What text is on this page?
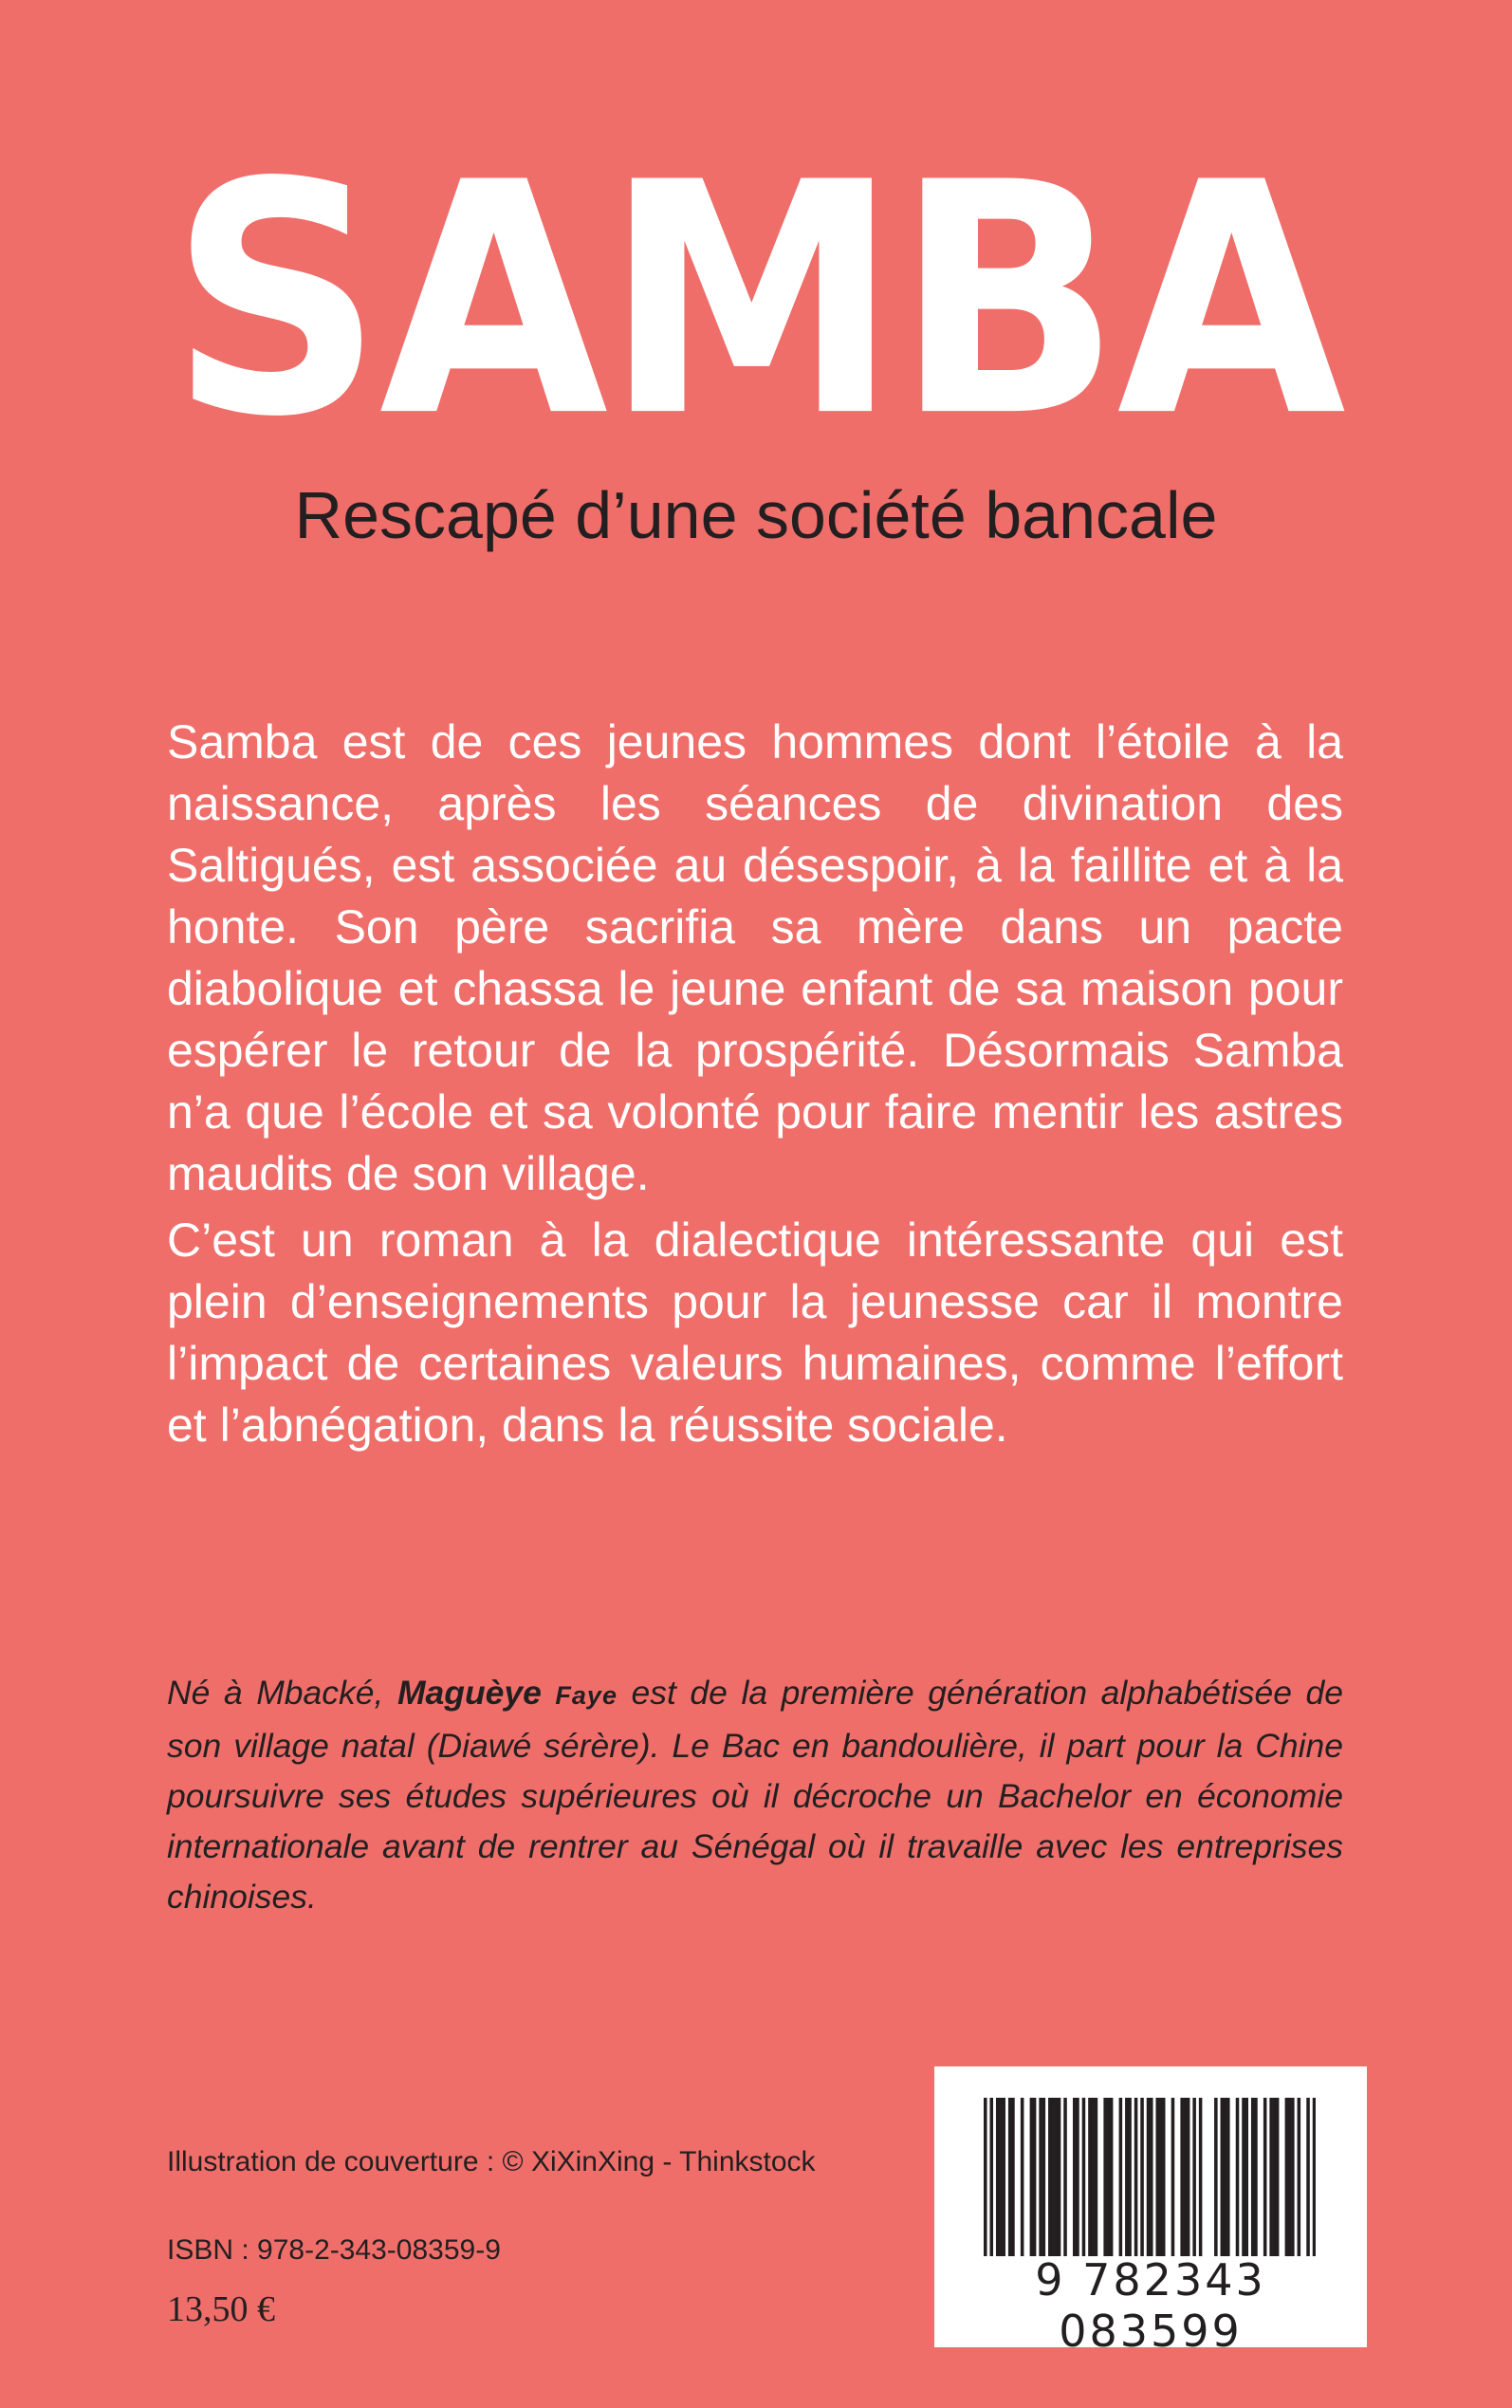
SAMBA
Rescapé d’une société bancale

Samba est de ces jeunes hommes dont l’étoile à la naissance, après les séances de divination des Saltigués, est associée au désespoir, à la faillite et à la honte. Son père sacrifia sa mère dans un pacte diabolique et chassa le jeune enfant de sa maison pour espérer le retour de la prospérité. Désormais Samba n’a que l’école et sa volonté pour faire mentir les astres maudits de son village.

C’est un roman à la dialectique intéressante qui est plein d’enseignements pour la jeunesse car il montre l’impact de certaines valeurs humaines, comme l’effort et l’abnégation, dans la réussite sociale.

Né à Mbacké, Maguèye Faye est de la première génération alphabétisée de son village natal (Diawé sérère). Le Bac en bandoulière, il part pour la Chine poursuivre ses études supérieures où il décroche un Bachelor en économie internationale avant de rentrer au Sénégal où il travaille avec les entreprises chinoises.

Illustration de couverture : © XiXinXing - Thinkstock
ISBN : 978-2-343-08359-9
13,50 €
9 782343 083599
